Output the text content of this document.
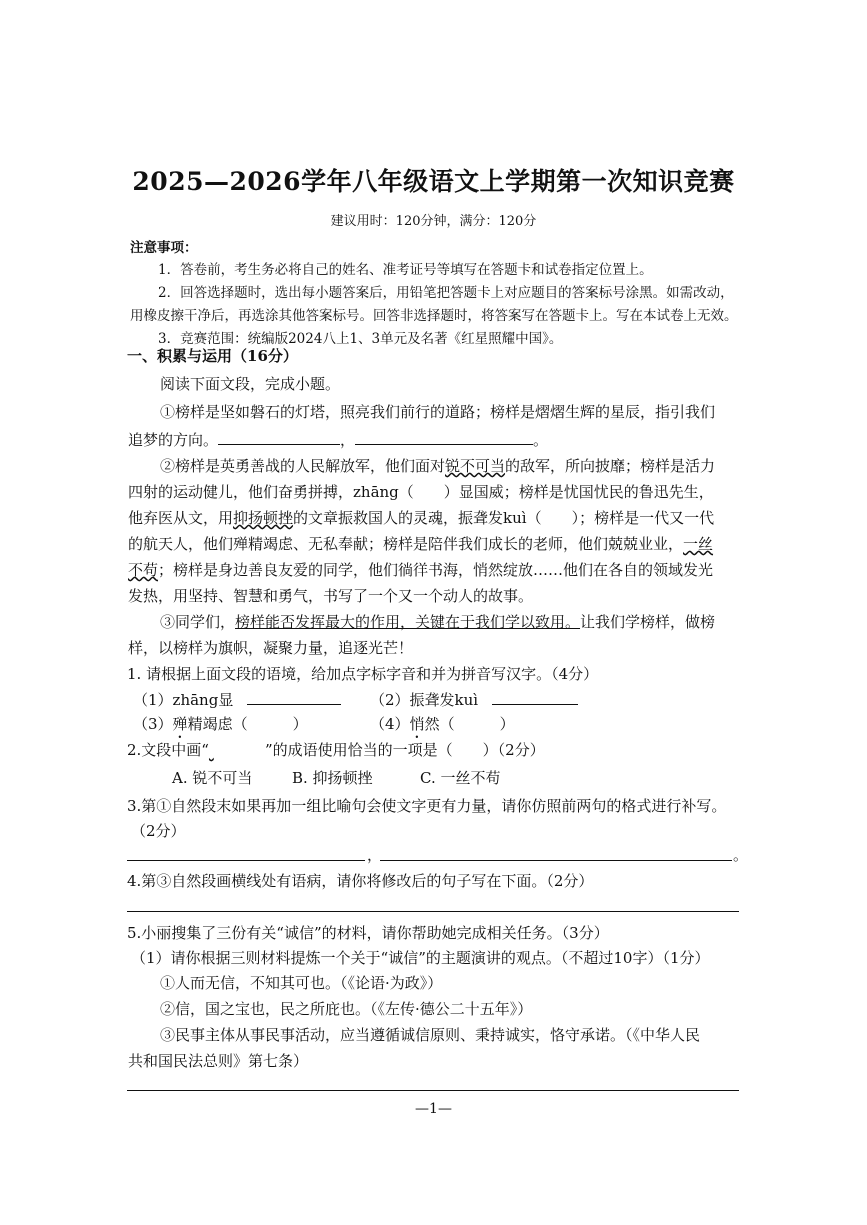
2025—2026学年八年级语文上学期第一次知识竞赛
建议用时：120分钟，满分：120分
注意事项：
1．答卷前，考生务必将自己的姓名、准考证号等填写在答题卡和试卷指定位置上。
2．回答选择题时，选出每小题答案后，用铅笔把答题卡上对应题目的答案标号涂黑。如需改动，
用橡皮擦干净后，再选涂其他答案标号。回答非选择题时，将答案写在答题卡上。写在本试卷上无效。
3．竞赛范围：统编版2024八上1、3单元及名著《红星照耀中国》。
一、积累与运用（16分）
阅读下面文段，完成小题。
①榜样是坚如磐石的灯塔，照亮我们前行的道路；榜样是熠熠生辉的星辰，指引我们
追梦的方向。	，	。
②榜样是英勇善战的人民解放军，他们面对锐不可当的敌军，所向披靡；榜样是活力
四射的运动健儿，他们奋勇拼搏，zhāng（　　）显国威；榜样是忧国忧民的鲁迅先生，
他弃医从文，用抑扬顿挫的文章振救国人的灵魂，振聋发kuì（　　）；榜样是一代又一代
的航天人，他们殚精竭虑、无私奉献；榜样是陪伴我们成长的老师，他们兢兢业业，一丝
不苟；榜样是身边善良友爱的同学，他们徜徉书海，悄然绽放……他们在各自的领域发光
发热，用坚持、智慧和勇气，书写了一个又一个动人的故事。
③同学们，榜样能否发挥最大的作用，关键在于我们学以致用。让我们学榜样，做榜
样，以榜样为旗帜，凝聚力量，追逐光芒！
1. 请根据上面文段的语境，给加点字标字音和并为拼音写汉字。（4分）
（1）zhāng显	（2）振聋发kuì
（3）殚精竭虑（　　　）	（4）悄然（　　　）
2.文段中画“	”的成语使用恰当的一项是（　　）（2分）
A. 锐不可当	B. 抑扬顿挫	C. 一丝不苟
3.第①自然段末如果再加一组比喻句会使文字更有力量，请你仿照前两句的格式进行补写。
（2分）
，	。
4.第③自然段画横线处有语病，请你将修改后的句子写在下面。（2分）
5.小丽搜集了三份有关“诚信”的材料，请你帮助她完成相关任务。（3分）
（1）请你根据三则材料提炼一个关于“诚信”的主题演讲的观点。（不超过10字）（1分）
①人而无信，不知其可也。（《论语·为政》）
②信，国之宝也，民之所庇也。（《左传·德公二十五年》）
③民事主体从事民事活动，应当遵循诚信原则、秉持诚实，恪守承诺。（《中华人民
共和国民法总则》第七条）
—1—
